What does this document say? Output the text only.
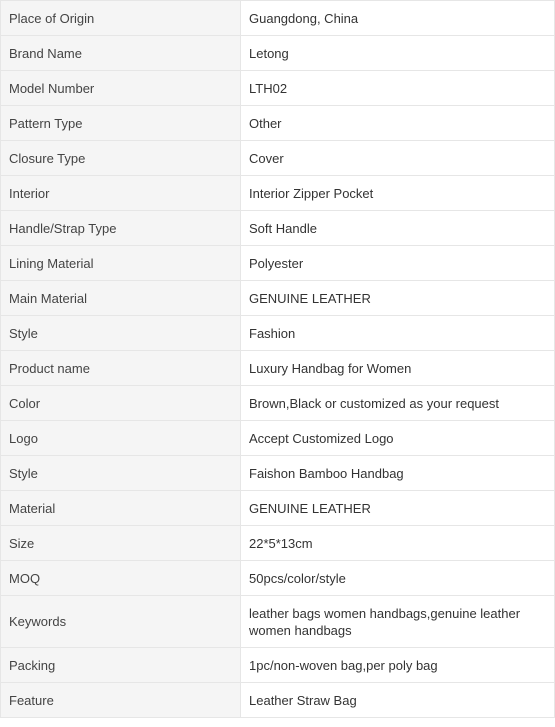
Place of Origin	Guangdong, China
Brand Name	Letong
Model Number	LTH02
Pattern Type	Other
Closure Type	Cover
Interior	Interior Zipper Pocket
Handle/Strap Type	Soft Handle
Lining Material	Polyester
Main Material	GENUINE LEATHER
Style	Fashion
Product name	Luxury Handbag for Women
Color	Brown,Black or customized as your request
Logo	Accept Customized Logo
Style	Faishon Bamboo Handbag
Material	GENUINE LEATHER
Size	22*5*13cm
MOQ	50pcs/color/style
Keywords	leather bags women handbags,genuine leather women handbags
Packing	1pc/non-woven bag,per poly bag
Feature	Leather Straw Bag
